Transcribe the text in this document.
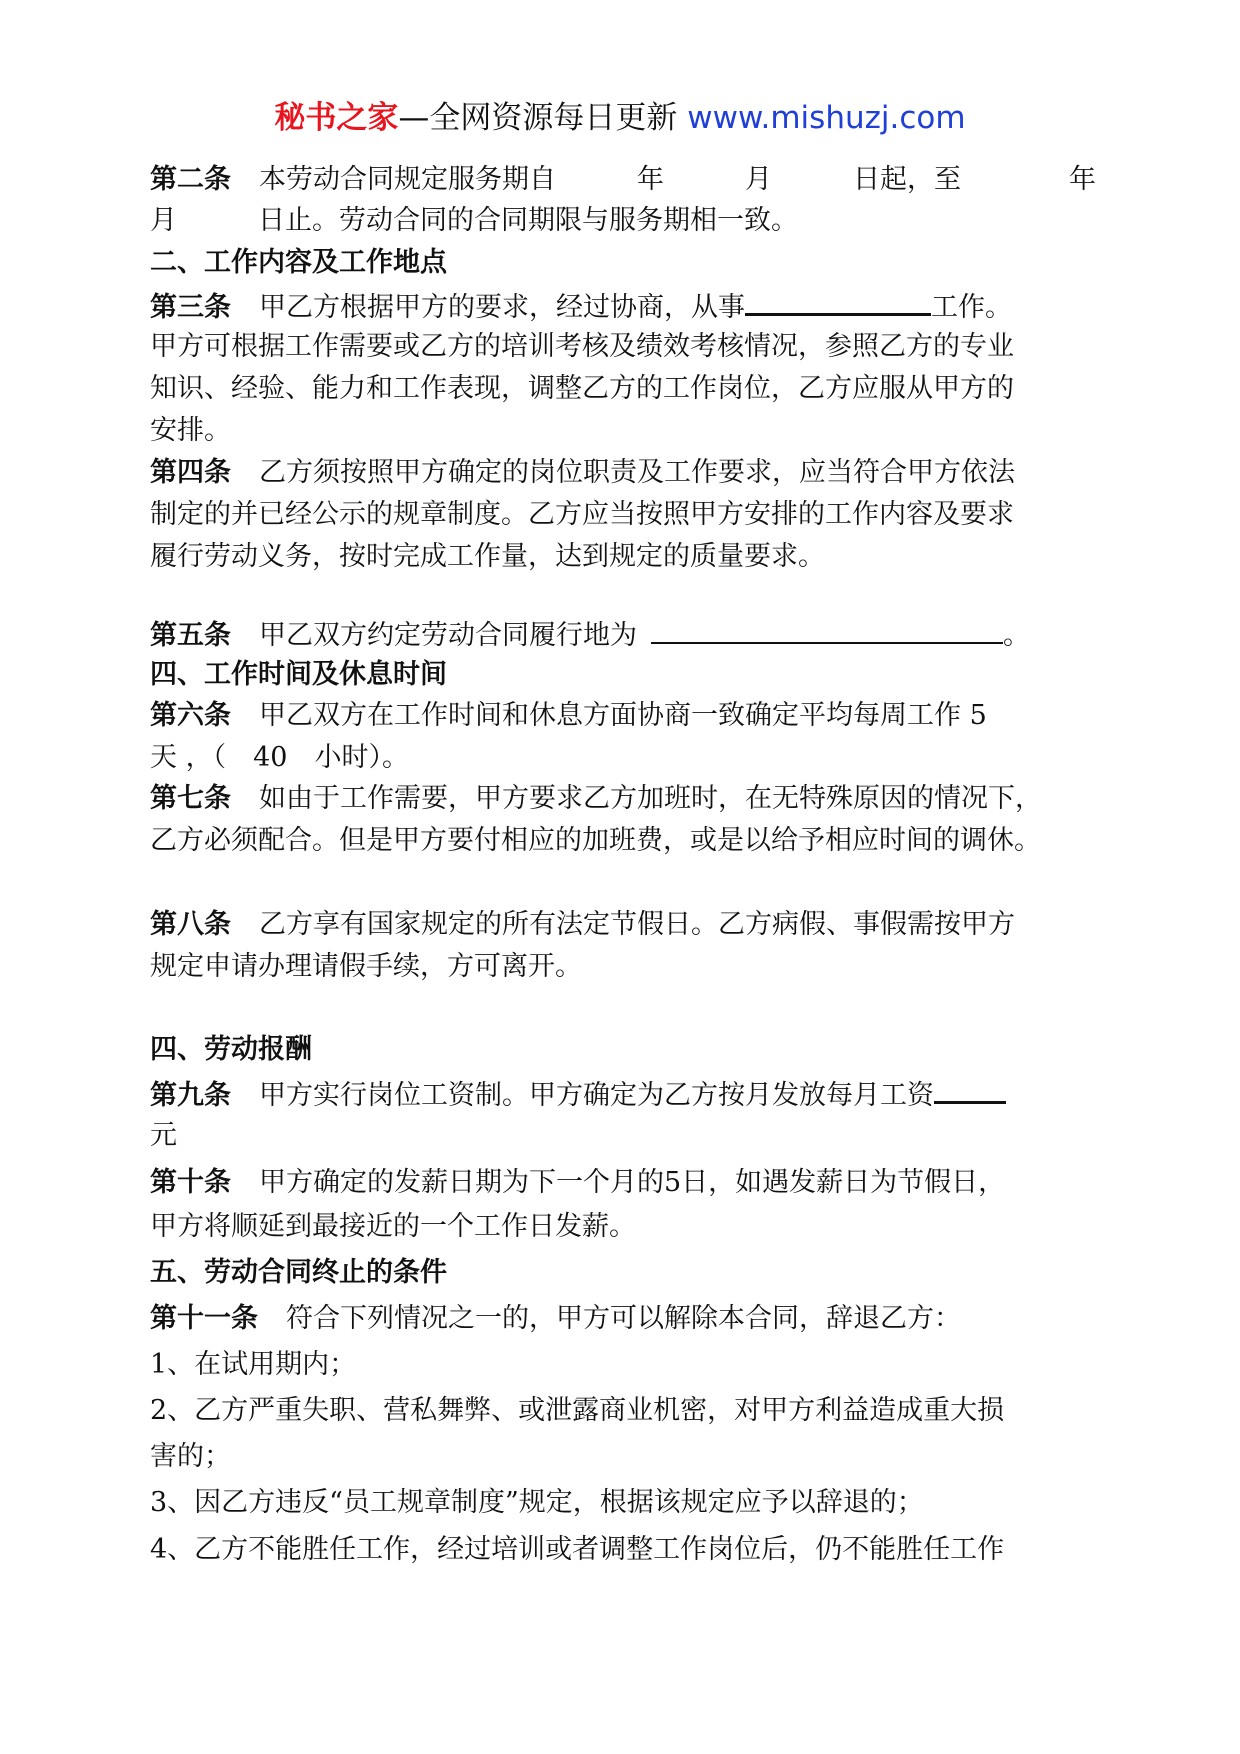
秘书之家—全网资源每日更新 www.mishuzj.com
第二条 本劳动合同规定服务期自　　　年　　　月　　　日起，至　　　　年
月　　　日止。劳动合同的合同期限与服务期相一致。
二、工作内容及工作地点
第三条 甲乙方根据甲方的要求，经过协商，从事	工作。
甲方可根据工作需要或乙方的培训考核及绩效考核情况，参照乙方的专业
知识、经验、能力和工作表现，调整乙方的工作岗位，乙方应服从甲方的
安排。
第四条 乙方须按照甲方确定的岗位职责及工作要求，应当符合甲方依法
制定的并已经公示的规章制度。乙方应当按照甲方安排的工作内容及要求
履行劳动义务，按时完成工作量，达到规定的质量要求。
第五条 甲乙双方约定劳动合同履行地为	。
四、工作时间及休息时间
第六条 甲乙双方在工作时间和休息方面协商一致确定平均每周工作 5
天 ，（　40　小时）。
第七条 如由于工作需要，甲方要求乙方加班时，在无特殊原因的情况下，
乙方必须配合。但是甲方要付相应的加班费，或是以给予相应时间的调休。
第八条 乙方享有国家规定的所有法定节假日。乙方病假、事假需按甲方
规定申请办理请假手续，方可离开。
四、劳动报酬
第九条 甲方实行岗位工资制。甲方确定为乙方按月发放每月工资
元
第十条 甲方确定的发薪日期为下一个月的5日，如遇发薪日为节假日，
甲方将顺延到最接近的一个工作日发薪。
五、劳动合同终止的条件
第十一条 符合下列情况之一的，甲方可以解除本合同，辞退乙方：
1、在试用期内；
2、乙方严重失职、营私舞弊、或泄露商业机密，对甲方利益造成重大损
害的；
3、因乙方违反“员工规章制度”规定，根据该规定应予以辞退的；
4、乙方不能胜任工作，经过培训或者调整工作岗位后，仍不能胜任工作
